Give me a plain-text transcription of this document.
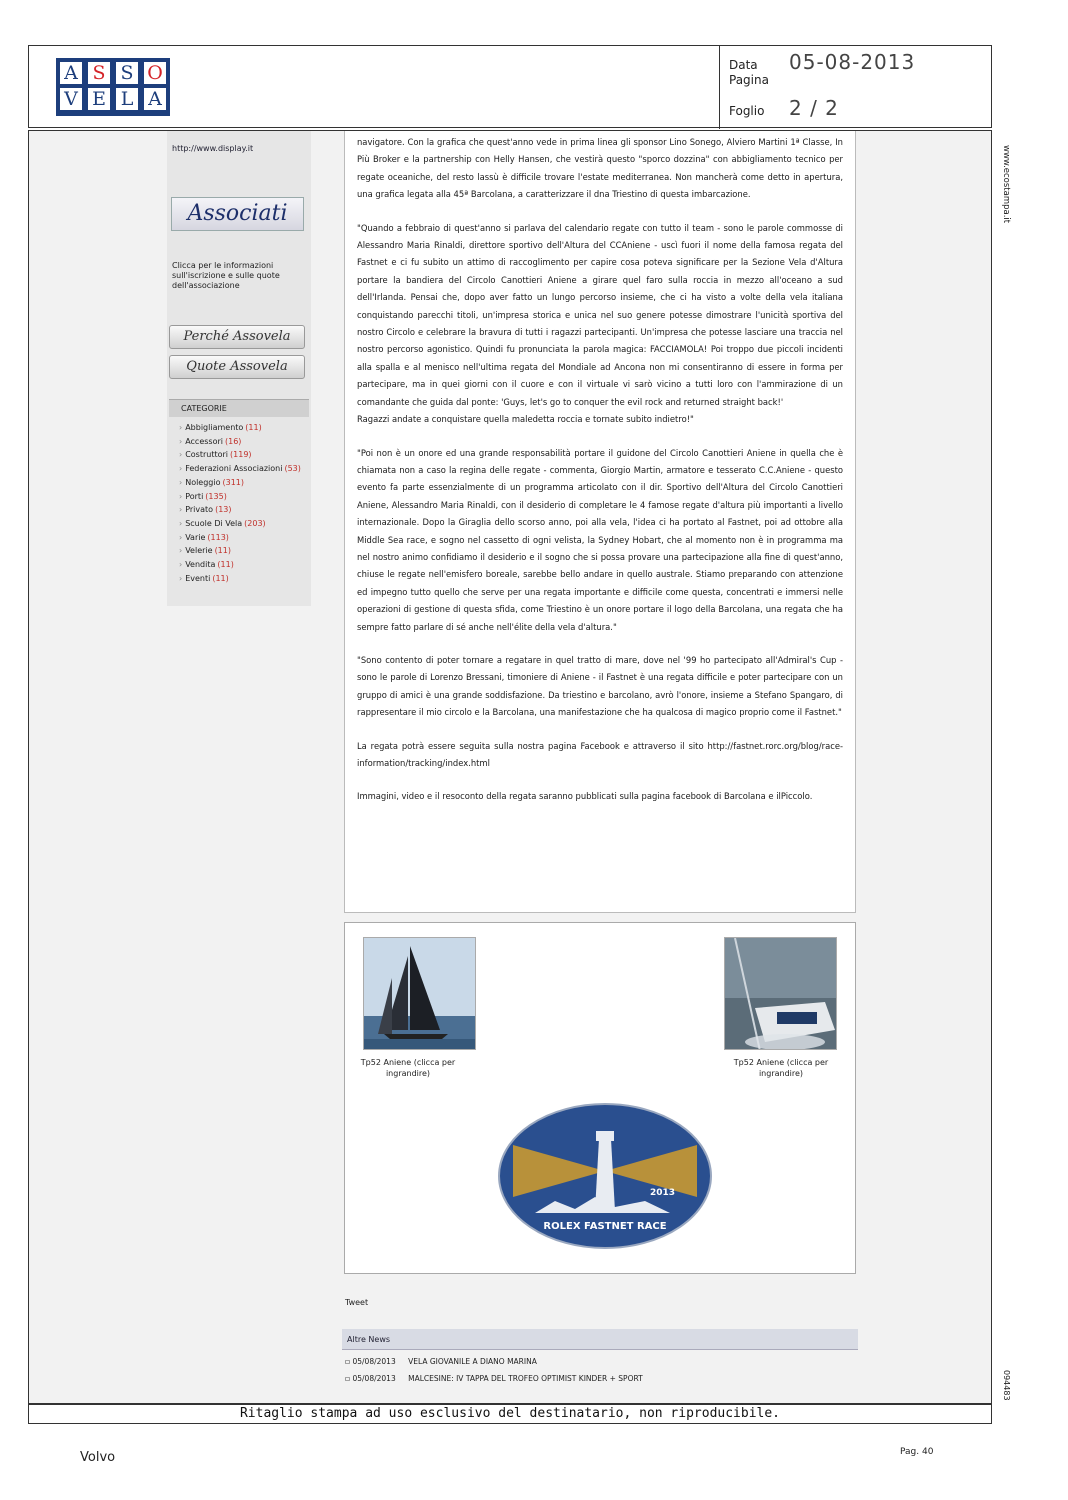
A S S O
V E L A
Data	05-08-2013
Pagina
Foglio	2 / 2
http://www.display.it
Associati
Clicca per le informazioni sull'iscrizione e sulle quote dell'associazione
Perché Assovela
Quote Assovela
CATEGORIE
› Abbigliamento (11)
› Accessori (16)
› Costruttori (119)
› Federazioni Associazioni (53)
› Noleggio (311)
› Porti (135)
› Privato (13)
› Scuole Di Vela (203)
› Varie (113)
› Velerie (11)
› Vendita (11)
› Eventi (11)

navigatore. Con la grafica che quest'anno vede in prima linea gli sponsor Lino Sonego, Alviero Martini 1ª Classe, In Più Broker e la partnership con Helly Hansen, che vestirà questo "sporco dozzina" con abbigliamento tecnico per regate oceaniche, del resto lassù è difficile trovare l'estate mediterranea. Non mancherà come detto in apertura, una grafica legata alla 45ª Barcolana, a caratterizzare il dna Triestino di questa imbarcazione.

"Quando a febbraio di quest'anno si parlava del calendario regate con tutto il team - sono le parole commosse di Alessandro Maria Rinaldi, direttore sportivo dell'Altura del CCAniene - uscì fuori il nome della famosa regata del Fastnet e ci fu subito un attimo di raccoglimento per capire cosa poteva significare per la Sezione Vela d'Altura portare la bandiera del Circolo Canottieri Aniene a girare quel faro sulla roccia in mezzo all'oceano a sud dell'Irlanda. Pensai che, dopo aver fatto un lungo percorso insieme, che ci ha visto a volte della vela italiana conquistando parecchi titoli, un'impresa storica e unica nel suo genere potesse dimostrare l'unicità sportiva del nostro Circolo e celebrare la bravura di tutti i ragazzi partecipanti. Un'impresa che potesse lasciare una traccia nel nostro percorso agonistico. Quindi fu pronunciata la parola magica: FACCIAMOLA! Poi troppo due piccoli incidenti alla spalla e al menisco nell'ultima regata del Mondiale ad Ancona non mi consentiranno di essere in forma per partecipare, ma in quei giorni con il cuore e con il virtuale vi sarò vicino a tutti loro con l'ammirazione di un comandante che guida dal ponte: 'Guys, let's go to conquer the evil rock and returned straight back!'

Ragazzi andate a conquistare quella maledetta roccia e tornate subito indietro!"

"Poi non è un onore ed una grande responsabilità portare il guidone del Circolo Canottieri Aniene in quella che è chiamata non a caso la regina delle regate - commenta, Giorgio Martin, armatore e tesserato C.C.Aniene - questo evento fa parte essenzialmente di un programma articolato con il dir. Sportivo dell'Altura del Circolo Canottieri Aniene, Alessandro Maria Rinaldi, con il desiderio di completare le 4 famose regate d'altura più importanti a livello internazionale. Dopo la Giraglia dello scorso anno, poi alla vela, l'idea ci ha portato al Fastnet, poi ad ottobre alla Middle Sea race, e sogno nel cassetto di ogni velista, la Sydney Hobart, che al momento non è in programma ma nel nostro animo confidiamo il desiderio e il sogno che si possa provare una partecipazione alla fine di quest'anno, chiuse le regate nell'emisfero boreale, sarebbe bello andare in quello australe. Stiamo preparando con attenzione ed impegno tutto quello che serve per una regata importante e difficile come questa, concentrati e immersi nelle operazioni di gestione di questa sfida, come Triestino è un onore portare il logo della Barcolana, una regata che ha sempre fatto parlare di sé anche nell'élite della vela d'altura."

"Sono contento di poter tornare a regatare in quel tratto di mare, dove nel '99 ho partecipato all'Admiral's Cup - sono le parole di Lorenzo Bressani, timoniere di Aniene - il Fastnet è una regata difficile e poter partecipare con un gruppo di amici è una grande soddisfazione. Da triestino e barcolano, avrò l'onore, insieme a Stefano Spangaro, di rappresentare il mio circolo e la Barcolana, una manifestazione che ha qualcosa di magico proprio come il Fastnet."

La regata potrà essere seguita sulla nostra pagina Facebook e attraverso il sito http://fastnet.rorc.org/blog/race-information/tracking/index.html

Immagini, video e il resoconto della regata saranno pubblicati sulla pagina facebook di Barcolana e ilPiccolo.

Tp52 Aniene (clicca per ingrandire)
Tp52 Aniene (clicca per ingrandire)
2013
ROLEX FASTNET RACE
Tweet
Altre News
▫ 05/08/2013 VELA GIOVANILE A DIANO MARINA
▫ 05/08/2013 MALCESINE: IV TAPPA DEL TROFEO OPTIMIST KINDER + SPORT
www.ecostampa.it
094483
Ritaglio stampa ad uso esclusivo del destinatario, non riproducibile.
Volvo	Pag. 40
